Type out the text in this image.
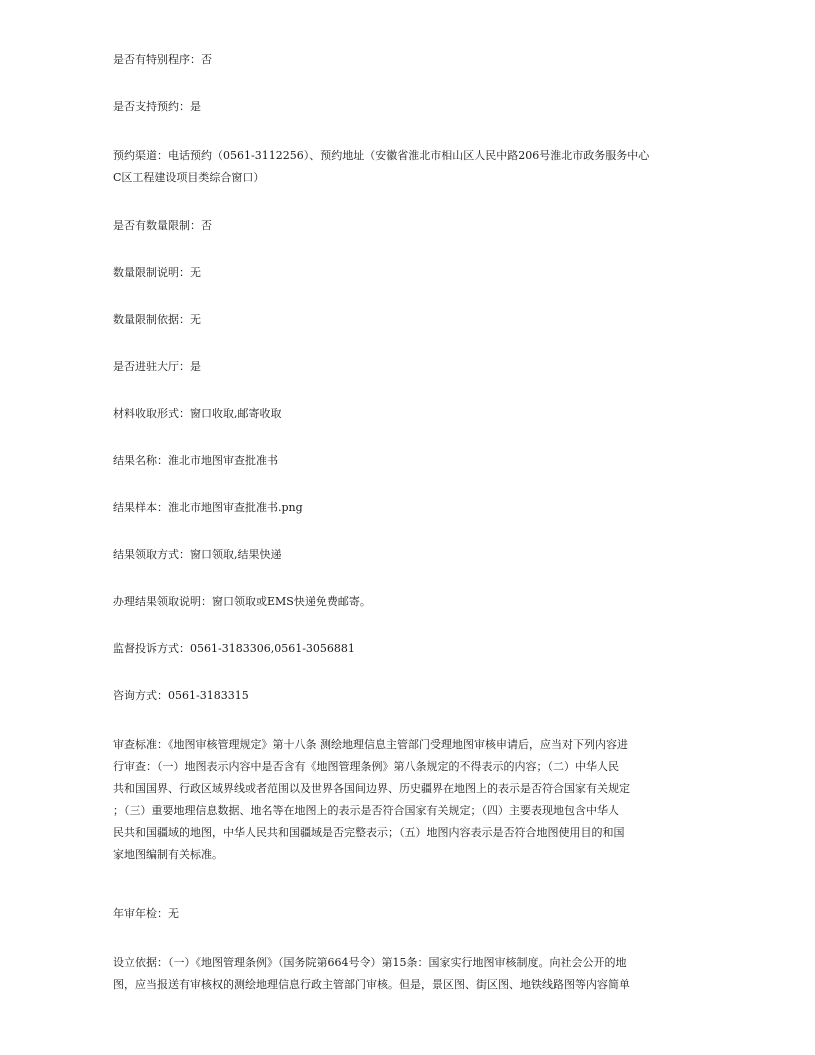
是否有特别程序：否
是否支持预约：是
预约渠道：电话预约（0561-3112256）、预约地址（安徽省淮北市相山区人民中路206号淮北市政务服务中心
C区工程建设项目类综合窗口）
是否有数量限制：否
数量限制说明：无
数量限制依据：无
是否进驻大厅：是
材料收取形式：窗口收取,邮寄收取
结果名称：淮北市地图审查批准书
结果样本：淮北市地图审查批准书.png
结果领取方式：窗口领取,结果快递
办理结果领取说明：窗口领取或EMS快递免费邮寄。
监督投诉方式：0561-3183306,0561-3056881
咨询方式：0561-3183315
审查标准：《地图审核管理规定》第十八条 测绘地理信息主管部门受理地图审核申请后，应当对下列内容进
行审查：（一）地图表示内容中是否含有《地图管理条例》第八条规定的不得表示的内容；（二）中华人民
共和国国界、行政区域界线或者范围以及世界各国间边界、历史疆界在地图上的表示是否符合国家有关规定
；（三）重要地理信息数据、地名等在地图上的表示是否符合国家有关规定；（四）主要表现地包含中华人
民共和国疆域的地图，中华人民共和国疆域是否完整表示；（五）地图内容表示是否符合地图使用目的和国
家地图编制有关标准。
年审年检：无
设立依据：（一）《地图管理条例》（国务院第664号令）第15条：国家实行地图审核制度。向社会公开的地
图，应当报送有审核权的测绘地理信息行政主管部门审核。但是，景区图、街区图、地铁线路图等内容简单
